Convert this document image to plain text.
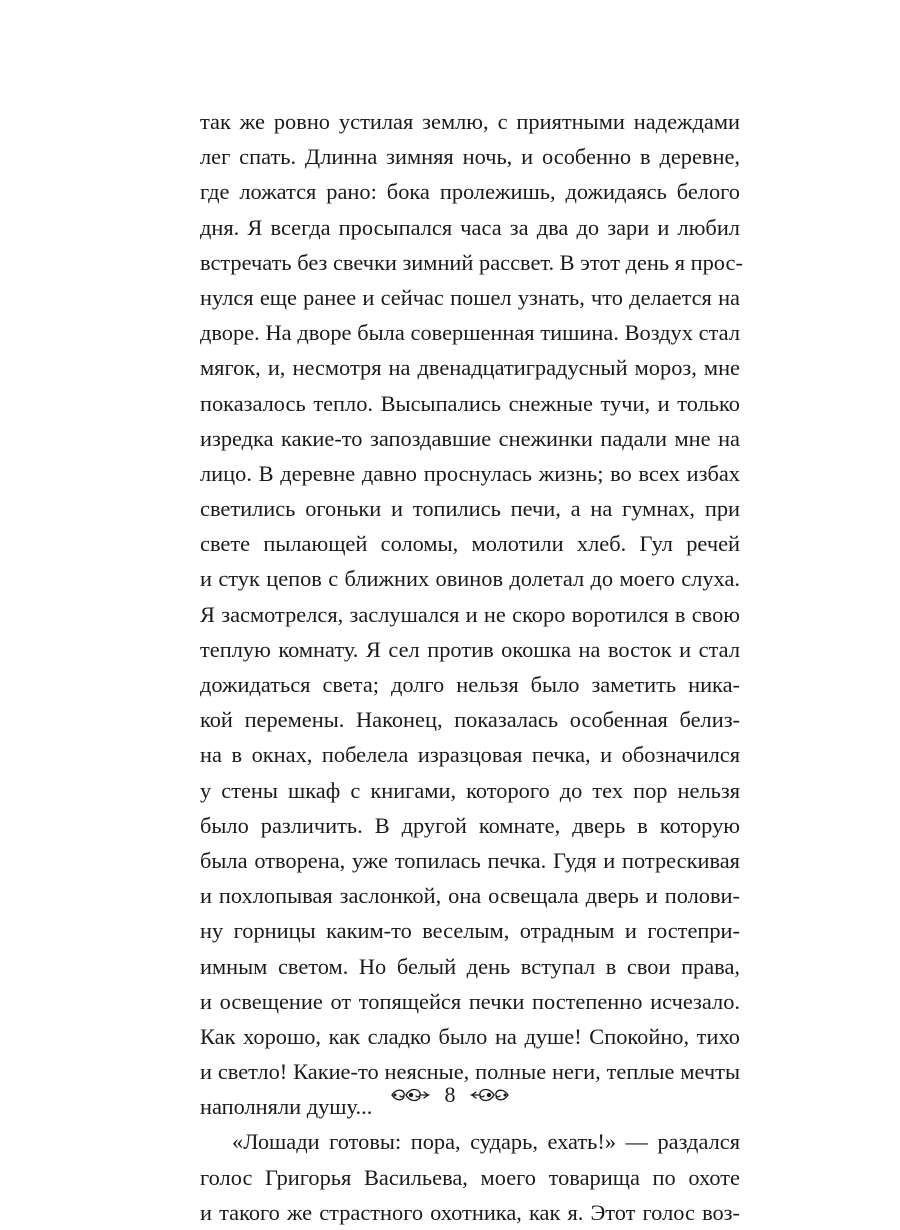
так же ровно устилая землю, с приятными надеждами
лег спать. Длинна зимняя ночь, и особенно в деревне,
где ложатся рано: бока пролежишь, дожидаясь белого
дня. Я всегда просыпался часа за два до зари и любил
встречать без свечки зимний рассвет. В этот день я прос-
нулся еще ранее и сейчас пошел узнать, что делается на
дворе. На дворе была совершенная тишина. Воздух стал
мягок, и, несмотря на двенадцатиградусный мороз, мне
показалось тепло. Высыпались снежные тучи, и только
изредка какие-то запоздавшие снежинки падали мне на
лицо. В деревне давно проснулась жизнь; во всех избах
светились огоньки и топились печи, а на гумнах, при
свете пылающей соломы, молотили хлеб. Гул речей
и стук цепов с ближних овинов долетал до моего слуха.
Я засмотрелся, заслушался и не скоро воротился в свою
теплую комнату. Я сел против окошка на восток и стал
дожидаться света; долго нельзя было заметить ника-
кой перемены. Наконец, показалась особенная белиз-
на в окнах, побелела изразцовая печка, и обозначился
у стены шкаф с книгами, которого до тех пор нельзя
было различить. В другой комнате, дверь в которую
была отворена, уже топилась печка. Гудя и потрескивая
и похлопывая заслонкой, она освещала дверь и полови-
ну горницы каким-то веселым, отрадным и гостепри-
имным светом. Но белый день вступал в свои права,
и освещение от топящейся печки постепенно исчезало.
Как хорошо, как сладко было на душе! Спокойно, тихо
и светло! Какие-то неясные, полные неги, теплые мечты
наполняли душу...
«Лошади готовы: пора, сударь, ехать!» — раздался
голос Григорья Васильева, моего товарища по охоте
и такого же страстного охотника, как я. Этот голос воз-
8
